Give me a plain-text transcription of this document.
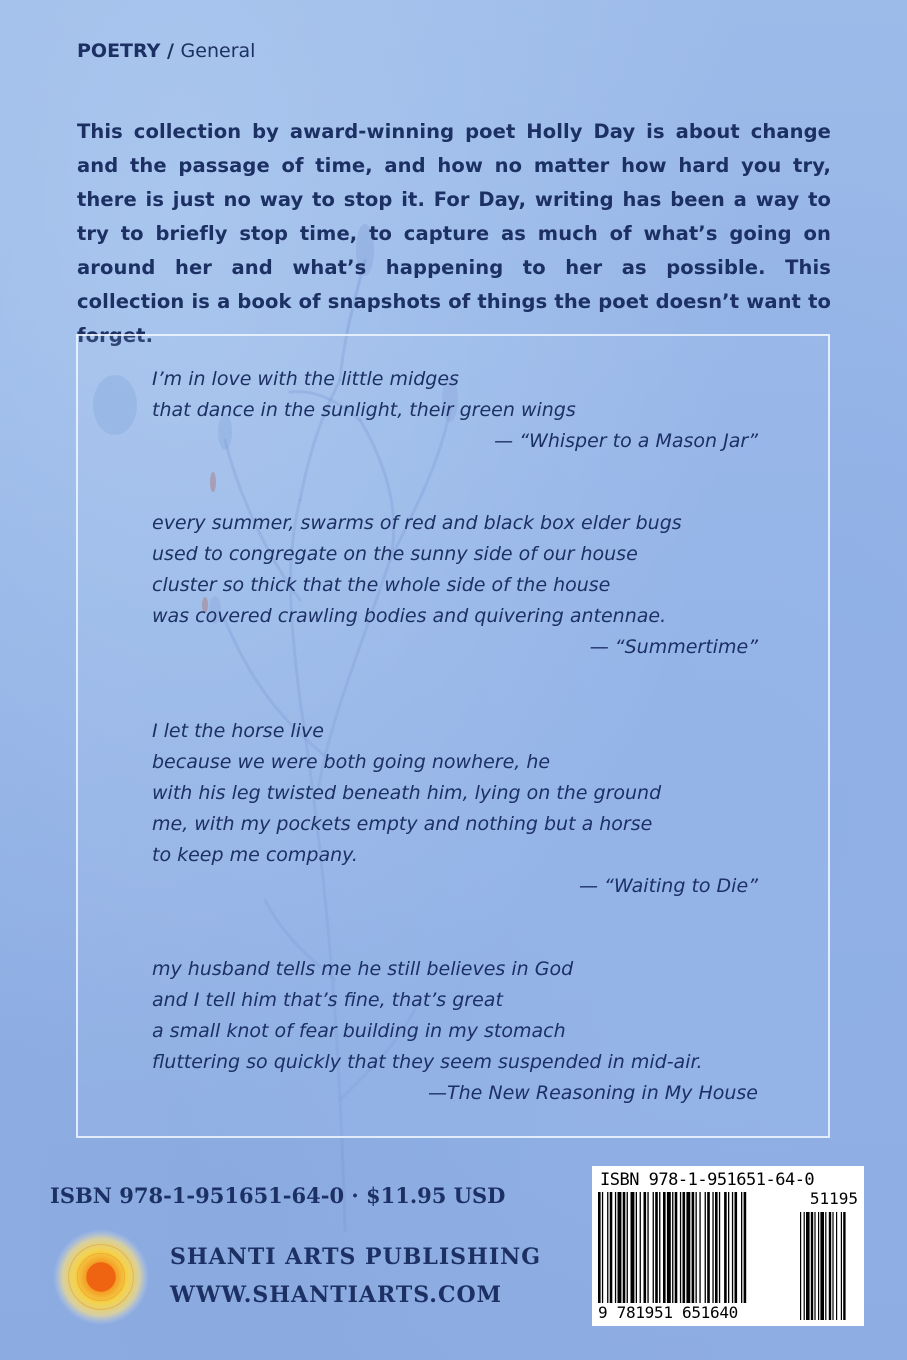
POETRY / General
This collection by award-winning poet Holly Day is about change and the passage of time, and how no matter how hard you try, there is just no way to stop it. For Day, writing has been a way to try to briefly stop time, to capture as much of what’s going on around her and what’s happening to her as possible. This collection is a book of snapshots of things the poet doesn’t want to forget.
I’m in love with the little midges
that dance in the sunlight, their green wings
— “Whisper to a Mason Jar”
every summer, swarms of red and black box elder bugs
used to congregate on the sunny side of our house
cluster so thick that the whole side of the house
was covered crawling bodies and quivering antennae.
— “Summertime”
I let the horse live
because we were both going nowhere, he
with his leg twisted beneath him, lying on the ground
me, with my pockets empty and nothing but a horse
to keep me company.
— “Waiting to Die”
my husband tells me he still believes in God
and I tell him that’s fine, that’s great
a small knot of fear building in my stomach
fluttering so quickly that they seem suspended in mid-air.
—The New Reasoning in My House
ISBN 978-1-951651-64-0 · $11.95 USD
SHANTI ARTS PUBLISHING
WWW.SHANTIARTS.COM
ISBN 978-1-951651-64-0
51195
9 781951 651640
